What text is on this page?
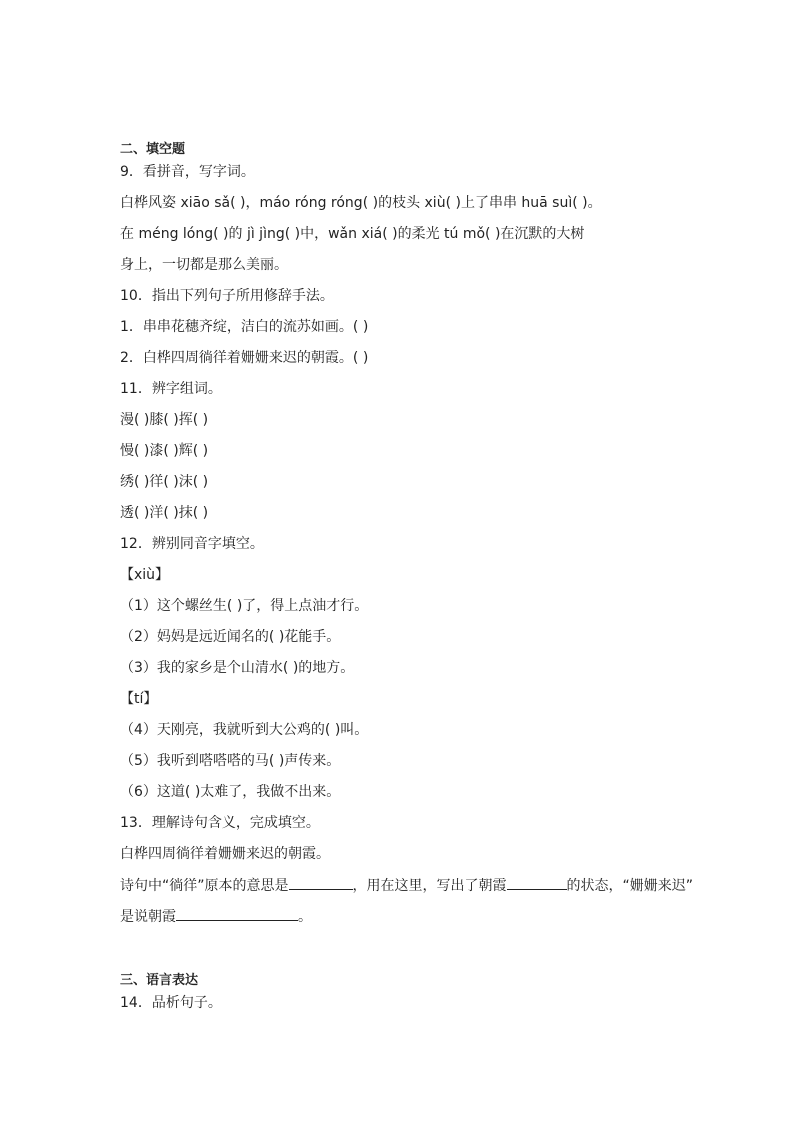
二、填空题
9．看拼音，写字词。
白桦风姿 xiāo sǎ( )，máo róng róng( )的枝头 xiù( )上了串串 huā suì( )。
在 méng lóng( )的 jì jìng( )中，wǎn xiá( )的柔光 tú mǒ( )在沉默的大树
身上，一切都是那么美丽。
10．指出下列句子所用修辞手法。
1．串串花穗齐绽，洁白的流苏如画。( )
2．白桦四周徜徉着姗姗来迟的朝霞。( )
11．辨字组词。
漫( )膝( )挥( )
慢( )漆( )辉( )
绣( )徉( )沫( )
透( )洋( )抹( )
12．辨别同音字填空。
【xiù】
（1）这个螺丝生( )了，得上点油才行。
（2）妈妈是远近闻名的( )花能手。
（3）我的家乡是个山清水( )的地方。
【tí】
（4）天刚亮，我就听到大公鸡的( )叫。
（5）我听到嗒嗒嗒的马( )声传来。
（6）这道( )太难了，我做不出来。
13．理解诗句含义，完成填空。
白桦四周徜徉着姗姗来迟的朝霞。
诗句中“徜徉”原本的意思是	，用在这里，写出了朝霞	的状态，“姗姗来迟”
是说朝霞	。
三、语言表达
14．品析句子。
